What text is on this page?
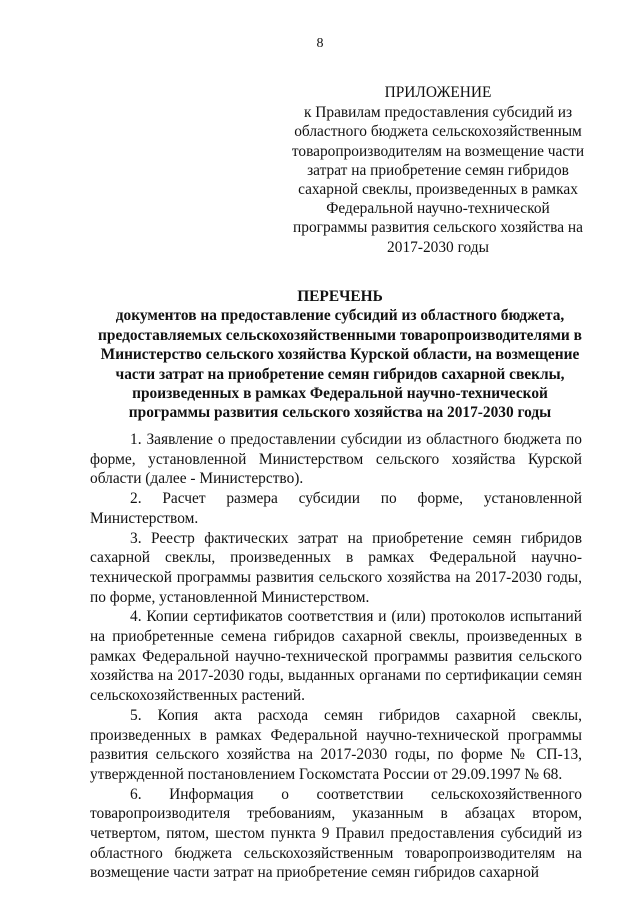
8
ПРИЛОЖЕНИЕ
к Правилам предоставления субсидий из
областного бюджета сельскохозяйственным
товаропроизводителям на возмещение части
затрат на приобретение семян гибридов
сахарной свеклы, произведенных в рамках
Федеральной научно-технической
программы развития сельского хозяйства на
2017-2030 годы
ПЕРЕЧЕНЬ
документов на предоставление субсидий из областного бюджета,
предоставляемых сельскохозяйственными товаропроизводителями в
Министерство сельского хозяйства Курской области, на возмещение
части затрат на приобретение семян гибридов сахарной свеклы,
произведенных в рамках Федеральной научно-технической
программы развития сельского хозяйства на 2017-2030 годы

1. Заявление о предоставлении субсидии из областного бюджета по форме, установленной Министерством сельского хозяйства Курской области (далее - Министерство).

2. Расчет размера субсидии по форме, установленной Министерством.

3. Реестр фактических затрат на приобретение семян гибридов сахарной свеклы, произведенных в рамках Федеральной научно-технической программы развития сельского хозяйства на 2017-2030 годы, по форме, установленной Министерством.

4. Копии сертификатов соответствия и (или) протоколов испытаний на приобретенные семена гибридов сахарной свеклы, произведенных в рамках Федеральной научно-технической программы развития сельского хозяйства на 2017-2030 годы, выданных органами по сертификации семян сельскохозяйственных растений.

5. Копия акта расхода семян гибридов сахарной свеклы, произведенных в рамках Федеральной научно-технической программы развития сельского хозяйства на 2017-2030 годы, по форме № СП-13, утвержденной постановлением Госкомстата России от 29.09.1997 № 68.

6. Информация о соответствии сельскохозяйственного товаропроизводителя требованиям, указанным в абзацах втором, четвертом, пятом, шестом пункта 9 Правил предоставления субсидий из областного бюджета сельскохозяйственным товаропроизводителям на возмещение части затрат на приобретение семян гибридов сахарной
